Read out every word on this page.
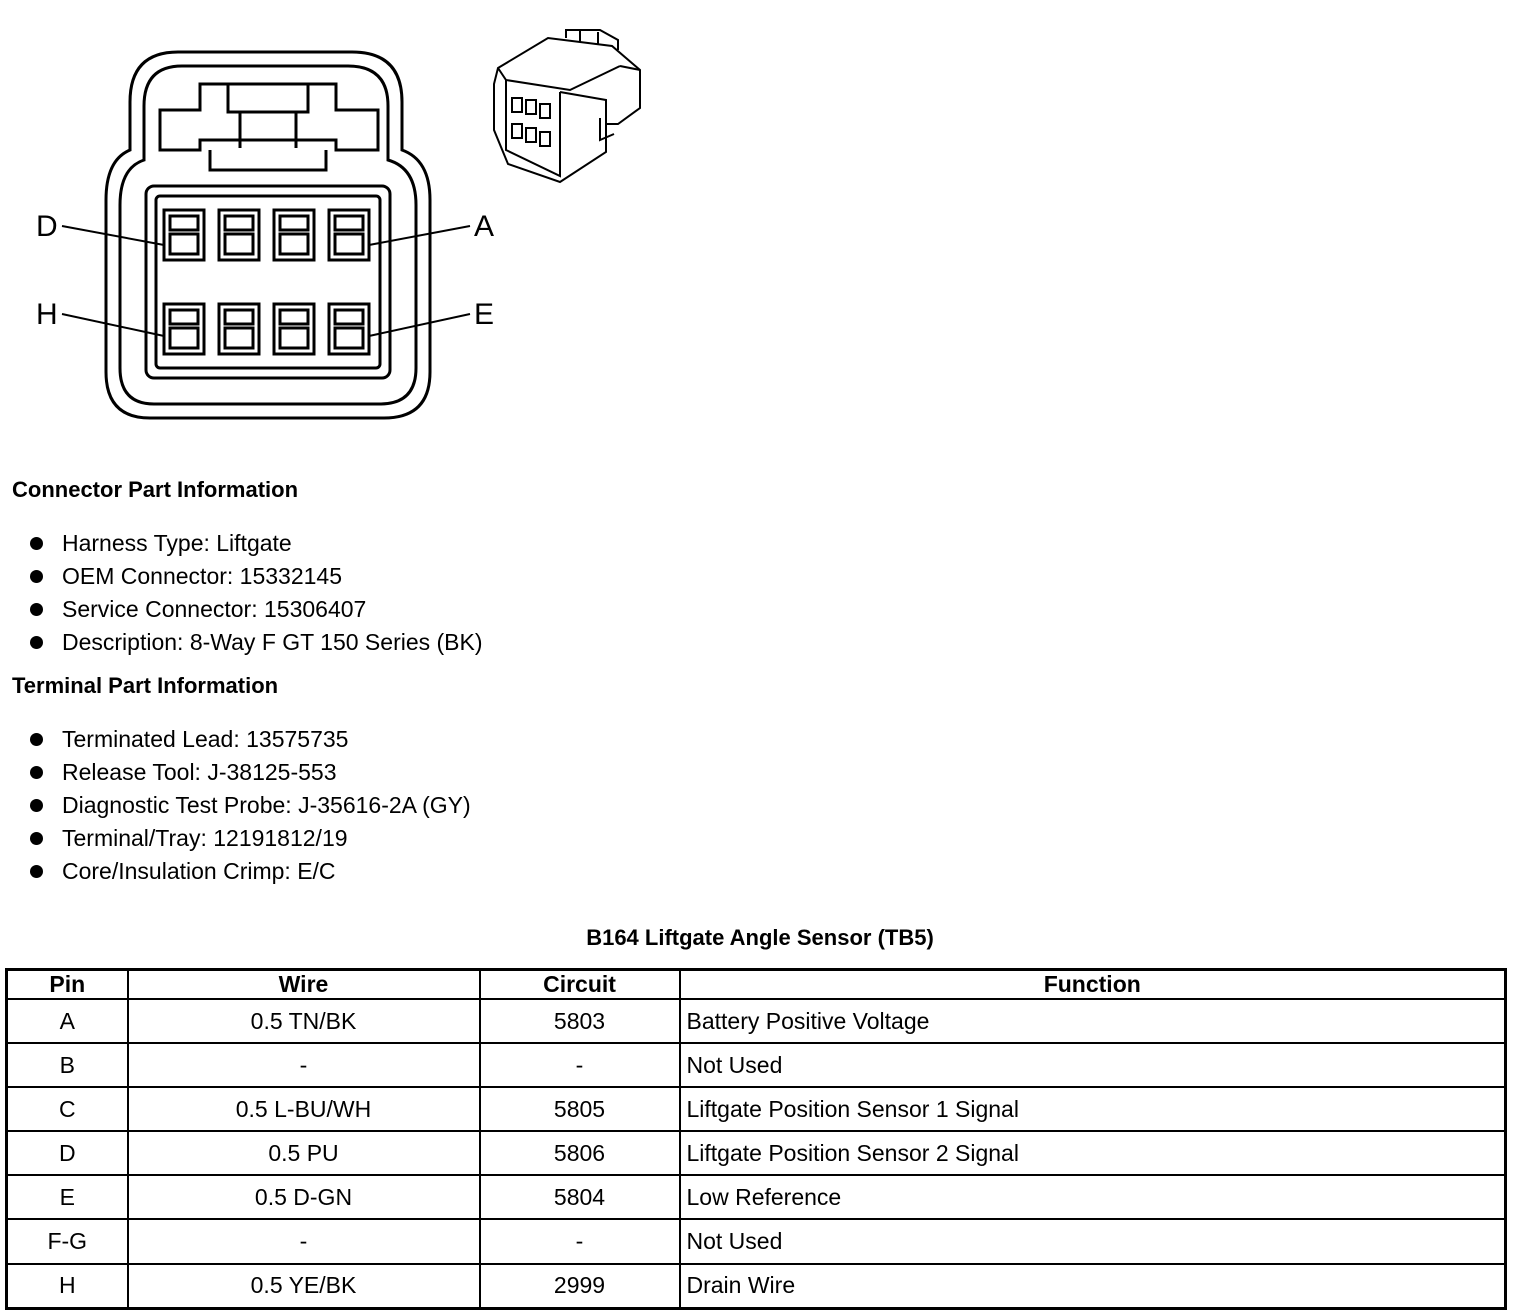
D	A
H	E
Connector Part Information
Harness Type: Liftgate
OEM Connector: 15332145
Service Connector: 15306407
Description: 8-Way F GT 150 Series (BK)
Terminal Part Information
Terminated Lead: 13575735
Release Tool: J-38125-553
Diagnostic Test Probe: J-35616-2A (GY)
Terminal/Tray: 12191812/19
Core/Insulation Crimp: E/C
B164 Liftgate Angle Sensor (TB5)
Pin	Wire	Circuit	Function
A	0.5 TN/BK	5803	Battery Positive Voltage
B	-	-	Not Used
C	0.5 L-BU/WH	5805	Liftgate Position Sensor 1 Signal
D	0.5 PU	5806	Liftgate Position Sensor 2 Signal
E	0.5 D-GN	5804	Low Reference
F-G	-	-	Not Used
H	0.5 YE/BK	2999	Drain Wire
